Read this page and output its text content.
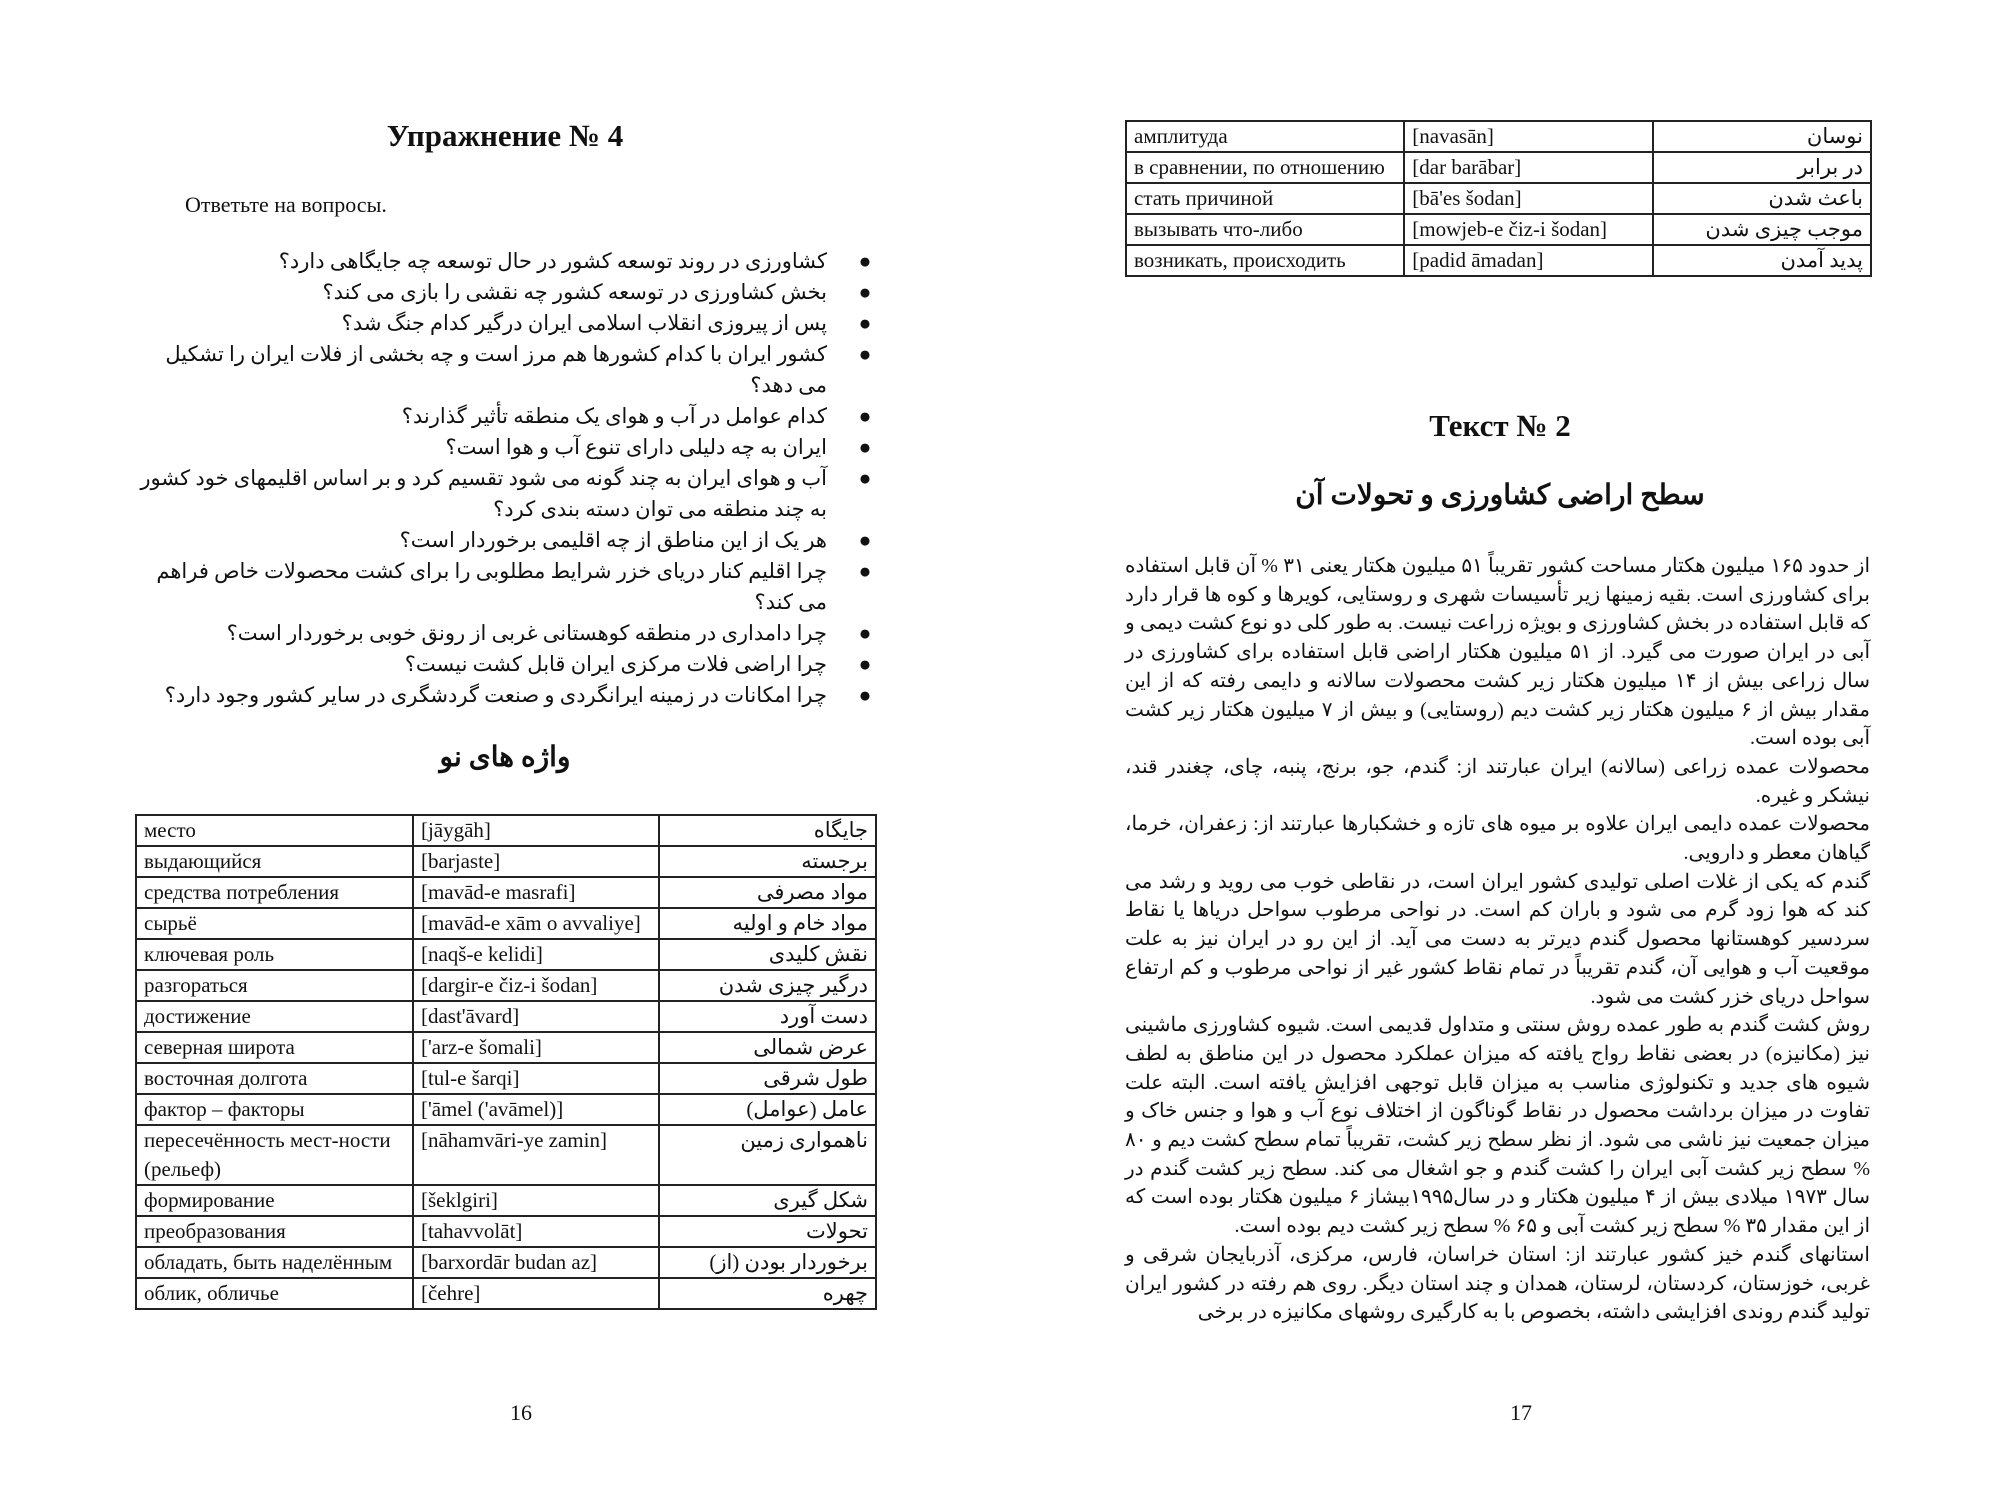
Упражнение № 4
Ответьте на вопросы.
●
کشاورزی در روند توسعه کشور در حال توسعه چه جایگاهی دارد؟
●
بخش کشاورزی در توسعه کشور چه نقشی را بازی می کند؟
●
پس از پیروزی انقلاب اسلامی ایران درگیر کدام جنگ شد؟
●
کشور ایران با کدام کشورها هم مرز است و چه بخشی از فلات ایران را تشکیل می دهد؟
●
کدام عوامل در آب و هوای یک منطقه تأثیر گذارند؟
●
ایران به چه دلیلی دارای تنوع آب و هوا است؟
●
آب و هوای ایران به چند گونه می شود تقسیم کرد و بر اساس اقلیمهای خود کشور به چند منطقه می توان دسته بندی کرد؟
●
هر یک از این مناطق از چه اقلیمی برخوردار است؟
●
چرا اقلیم کنار دریای خزر شرایط مطلوبی را برای کشت محصولات خاص فراهم می کند؟
●
چرا دامداری در منطقه کوهستانی غربی از رونق خوبی برخوردار است؟
●
چرا اراضی فلات مرکزی ایران قابل کشت نیست؟
●
چرا امکانات در زمینه ایرانگردی و صنعت گردشگری در سایر کشور وجود دارد؟
واژه های نو
место	[jāygāh]	جایگاه
выдающийся	[barjaste]	برجسته
средства потребления	[mavād-e masrafi]	مواد مصرفی
сырьё	[mavād-e xām o avvaliye]	مواد خام و اولیه
ключевая роль	[naqš-e kelidi]	نقش کلیدی
разгораться	[dargir-e čiz-i šodan]	درگیر چیزی شدن
достижение	[dast'āvard]	دست آورد
северная широта	['arz-e šomali]	عرض شمالی
восточная долгота	[tul-e šarqi]	طول شرقی
фактор – факторы	['āmel ('avāmel)]	عامل (عوامل)
пересечённость мест-ности (рельеф)	[nāhamvāri-ye zamin]	ناهمواری زمین
формирование	[šeklgiri]	شکل گیری
преобразования	[tahavvolāt]	تحولات
обладать, быть наделённым	[barxordār budan az]	برخوردار بودن (از)
облик, обличье	[čehre]	چهره
16
амплитуда	[navasān]	نوسان
в сравнении, по отношению	[dar barābar]	در برابر
стать причиной	[bā'es šodan]	باعث شدن
вызывать что-либо	[mowjeb-e čiz-i šodan]	موجب چیزی شدن
возникать, происходить	[padid āmadan]	پدید آمدن
Текст № 2
سطح اراضی کشاورزی و تحولات آن

از حدود ۱۶۵ میلیون هکتار مساحت کشور تقریباً ۵۱ میلیون هکتار یعنی ۳۱ % آن قابل استفاده برای کشاورزی است. بقیه زمینها زیر تأسیسات شهری و روستایی، کویرها و کوه ها قرار دارد که قابل استفاده در بخش کشاورزی و بویژه زراعت نیست. به طور کلی دو نوع کشت دیمی و آبی در ایران صورت می گیرد. از ۵۱ میلیون هکتار اراضی قابل استفاده برای کشاورزی در سال زراعی بیش از ۱۴ میلیون هکتار زیر کشت محصولات سالانه و دایمی رفته که از این مقدار بیش از ۶ میلیون هکتار زیر کشت دیم (روستایی) و بیش از ۷ میلیون هکتار زیر کشت آبی بوده است.

محصولات عمده زراعی (سالانه) ایران عبارتند از: گندم، جو، برنج، پنبه، چای، چغندر قند، نیشکر و غیره.

محصولات عمده دایمی ایران علاوه بر میوه های تازه و خشکبارها عبارتند از: زعفران، خرما، گیاهان معطر و دارویی.

گندم که یکی از غلات اصلی تولیدی کشور ایران است، در نقاطی خوب می روید و رشد می کند که هوا زود گرم می شود و باران کم است. در نواحی مرطوب سواحل دریاها یا نقاط سردسیر کوهستانها محصول گندم دیرتر به دست می آید. از این رو در ایران نیز به علت موقعیت آب و هوایی آن، گندم تقریباً در تمام نقاط کشور غیر از نواحی مرطوب و کم ارتفاع سواحل دریای خزر کشت می شود.

روش کشت گندم به طور عمده روش سنتی و متداول قدیمی است. شیوه کشاورزی ماشینی نیز (مکانیزه) در بعضی نقاط رواج یافته که میزان عملکرد محصول در این مناطق به لطف شیوه های جدید و تکنولوژی مناسب به میزان قابل توجهی افزایش یافته است. البته علت تفاوت در میزان برداشت محصول در نقاط گوناگون از اختلاف نوع آب و هوا و جنس خاک و میزان جمعیت نیز ناشی می شود. از نظر سطح زیر کشت، تقریباً تمام سطح کشت دیم و ۸۰ % سطح زیر کشت آبی ایران را کشت گندم و جو اشغال می کند. سطح زیر کشت گندم در سال ۱۹۷۳ میلادی بیش از ۴ میلیون هکتار و در سال۱۹۹۵بیشاز ۶ میلیون هکتار بوده است که از این مقدار ۳۵ % سطح زیر کشت آبی و ۶۵ % سطح زیر کشت دیم بوده است.

استانهای گندم خیز کشور عبارتند از: استان خراسان، فارس، مرکزی، آذربایجان شرقی و غربی، خوزستان، کردستان، لرستان، همدان و چند استان دیگر. روی هم رفته در کشور ایران تولید گندم روندی افزایشی داشته، بخصوص با به کارگیری روشهای مکانیزه در برخی

17
